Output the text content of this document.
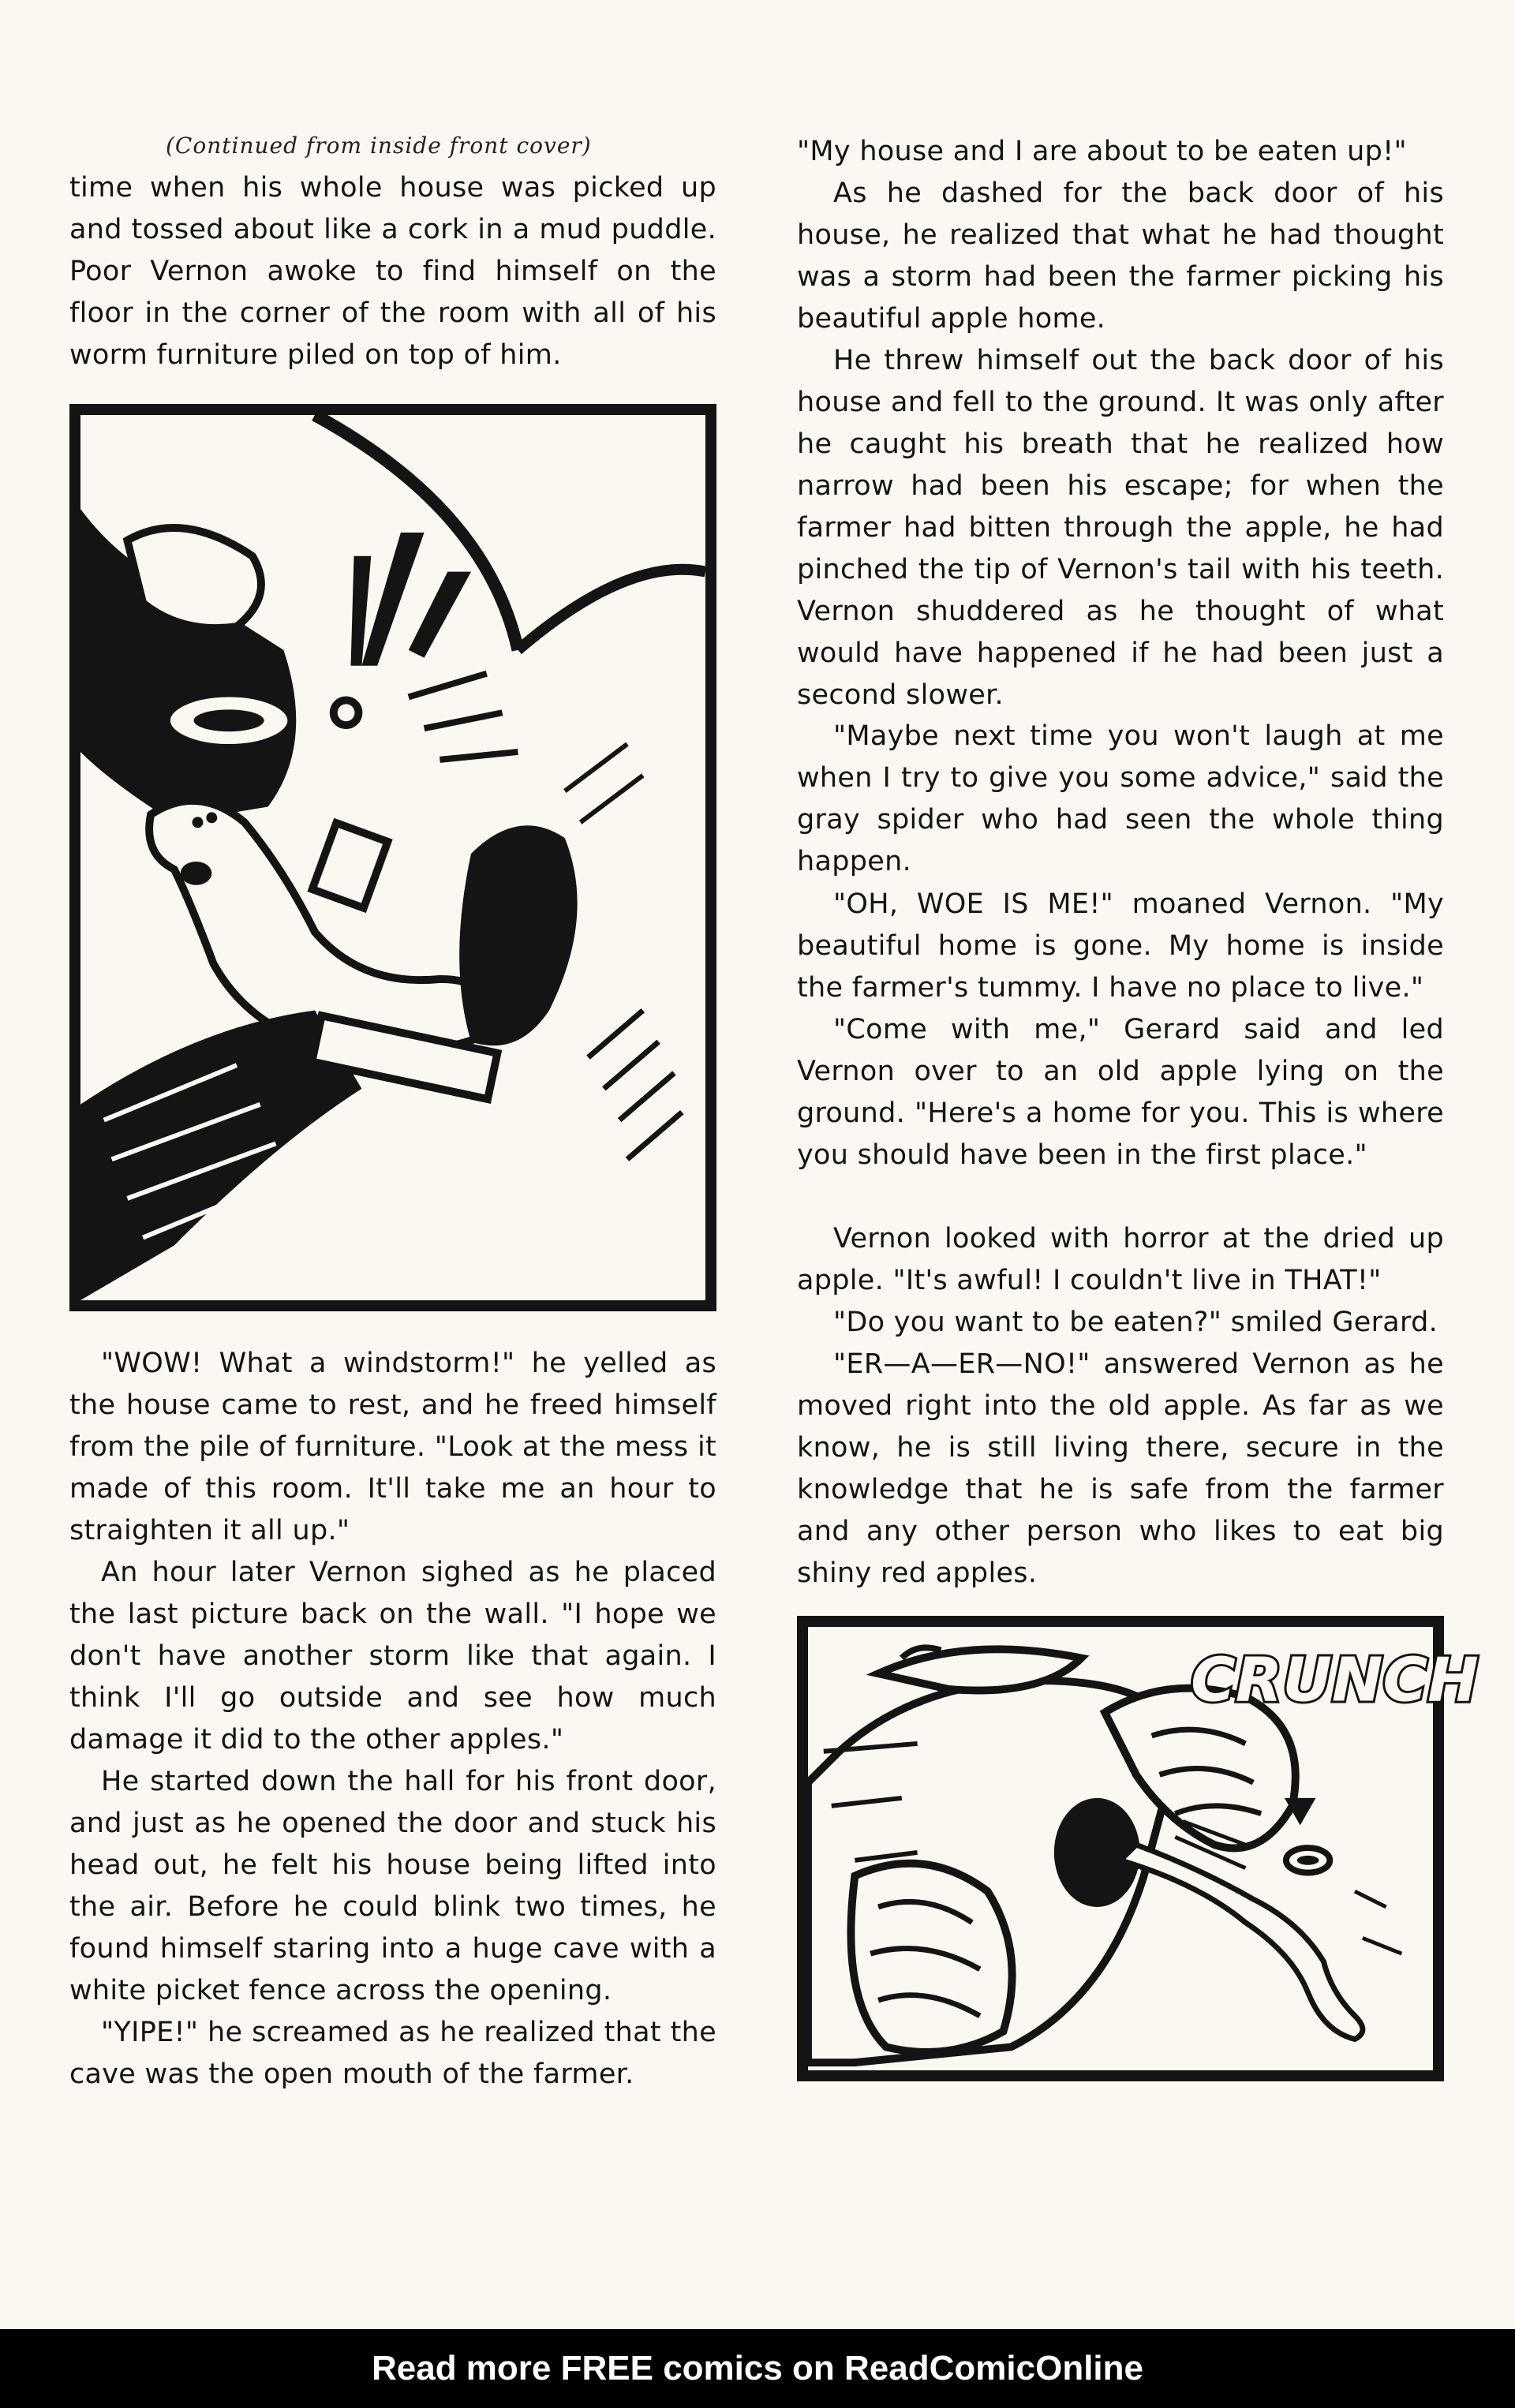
(Continued from inside front cover)

time when his whole house was picked up and tossed about like a cork in a mud puddle. Poor Vernon awoke to find himself on the floor in the corner of the room with all of his worm furniture piled on top of him.

"WOW! What a windstorm!" he yelled as the house came to rest, and he freed himself from the pile of furniture. "Look at the mess it made of this room. It'll take me an hour to straighten it all up."

An hour later Vernon sighed as he placed the last picture back on the wall. "I hope we don't have another storm like that again. I think I'll go outside and see how much damage it did to the other apples."

He started down the hall for his front door, and just as he opened the door and stuck his head out, he felt his house being lifted into the air. Before he could blink two times, he found himself staring into a huge cave with a white picket fence across the opening.

"YIPE!" he screamed as he realized that the cave was the open mouth of the farmer.

"My house and I are about to be eaten up!"

As he dashed for the back door of his house, he realized that what he had thought was a storm had been the farmer picking his beautiful apple home.

He threw himself out the back door of his house and fell to the ground. It was only after he caught his breath that he realized how narrow had been his escape; for when the farmer had bitten through the apple, he had pinched the tip of Vernon's tail with his teeth. Vernon shuddered as he thought of what would have happened if he had been just a second slower.

"Maybe next time you won't laugh at me when I try to give you some advice," said the gray spider who had seen the whole thing happen.

"OH, WOE IS ME!" moaned Vernon. "My beautiful home is gone. My home is inside the farmer's tummy. I have no place to live."

"Come with me," Gerard said and led Vernon over to an old apple lying on the ground. "Here's a home for you. This is where you should have been in the first place."

Vernon looked with horror at the dried up apple. "It's awful! I couldn't live in THAT!"

"Do you want to be eaten?" smiled Gerard.

"ER—A—ER—NO!" answered Vernon as he moved right into the old apple. As far as we know, he is still living there, secure in the knowledge that he is safe from the farmer and any other person who likes to eat big shiny red apples.

CRUNCH
Read more FREE comics on ReadComicOnline
